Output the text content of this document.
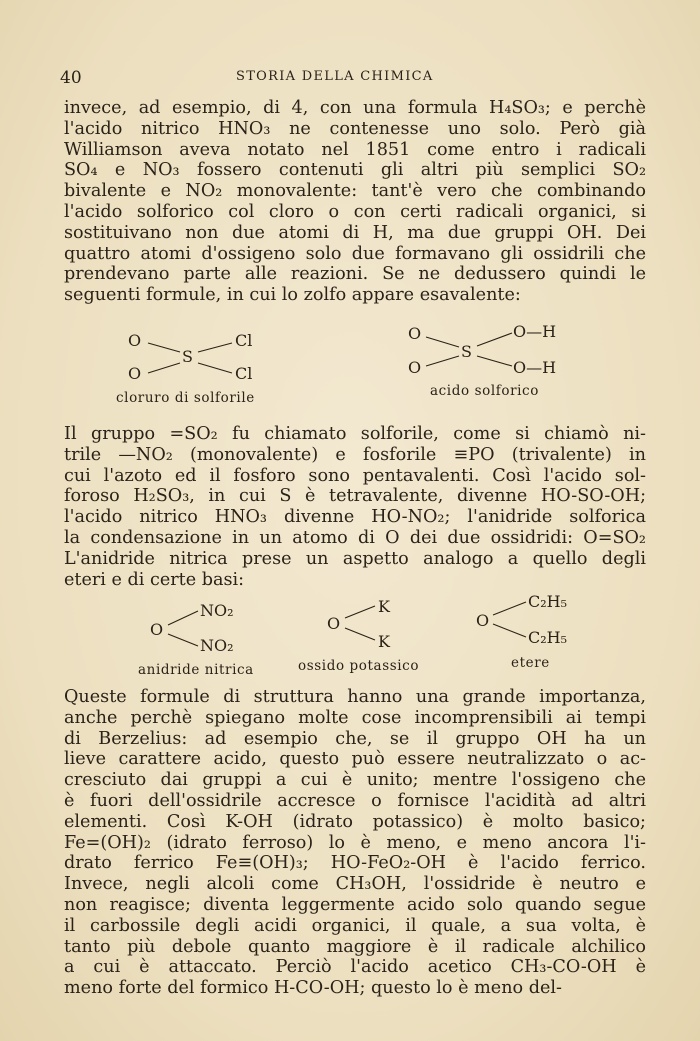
40	STORIA DELLA CHIMICA
invece, ad esempio, di 4, con una formula H₄SO₃; e perchè
l'acido nitrico HNO₃ ne contenesse uno solo. Però già
Williamson aveva notato nel 1851 come entro i radicali
SO₄ e NO₃ fossero contenuti gli altri più semplici SO₂
bivalente e NO₂ monovalente: tant'è vero che combinando
l'acido solforico col cloro o con certi radicali organici, si
sostituivano non due atomi di H, ma due gruppi OH. Dei
quattro atomi d'ossigeno solo due formavano gli ossidrili che
prendevano parte alle reazioni. Se ne dedussero quindi le
seguenti formule, in cui lo zolfo appare esavalente:
O
O
S
Cl
Cl
cloruro di solforile
O
O
S
O—H
O—H
acido solforico
Il gruppo =SO₂ fu chiamato solforile, come si chiamò ni-
trile —NO₂ (monovalente) e fosforile ≡PO (trivalente) in
cui l'azoto ed il fosforo sono pentavalenti. Così l'acido sol-
foroso H₂SO₃, in cui S è tetravalente, divenne HO-SO-OH;
l'acido nitrico HNO₃ divenne HO-NO₂; l'anidride solforica
la condensazione in un atomo di O dei due ossidridi: O=SO₂
L'anidride nitrica prese un aspetto analogo a quello degli
eteri e di certe basi:
O
NO₂
NO₂
anidride nitrica
O
K
K
ossido potassico
O
C₂H₅
C₂H₅
etere
Queste formule di struttura hanno una grande importanza,
anche perchè spiegano molte cose incomprensibili ai tempi
di Berzelius: ad esempio che, se il gruppo OH ha un
lieve carattere acido, questo può essere neutralizzato o ac-
cresciuto dai gruppi a cui è unito; mentre l'ossigeno che
è fuori dell'ossidrile accresce o fornisce l'acidità ad altri
elementi. Così K-OH (idrato potassico) è molto basico;
Fe=(OH)₂ (idrato ferroso) lo è meno, e meno ancora l'i-
drato ferrico Fe≡(OH)₃; HO-FeO₂-OH è l'acido ferrico.
Invece, negli alcoli come CH₃OH, l'ossidride è neutro e
non reagisce; diventa leggermente acido solo quando segue
il carbossile degli acidi organici, il quale, a sua volta, è
tanto più debole quanto maggiore è il radicale alchilico
a cui è attaccato. Perciò l'acido acetico CH₃-CO-OH è
meno forte del formico H-CO-OH; questo lo è meno del-
